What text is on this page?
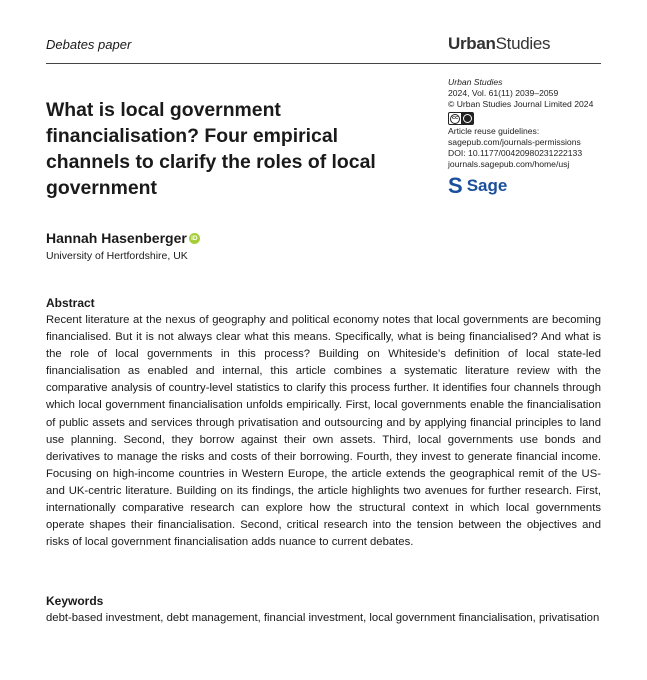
Debates paper	UrbanStudies
Urban Studies
2024, Vol. 61(11) 2039–2059
© Urban Studies Journal Limited 2024
cc
Article reuse guidelines:
sagepub.com/journals-permissions
DOI: 10.1177/00420980231222133
journals.sagepub.com/home/usj
S Sage
What is local government financialisation? Four empirical channels to clarify the roles of local government
Hannah Hasenberger iD
University of Hertfordshire, UK
Abstract

Recent literature at the nexus of geography and political economy notes that local governments are becoming financialised. But it is not always clear what this means. Specifically, what is being financialised? And what is the role of local governments in this process? Building on Whiteside’s definition of local state-led financialisation as enabled and internal, this article combines a systematic literature review with the comparative analysis of country-level statistics to clarify this process further. It identifies four channels through which local government financialisation unfolds empirically. First, local governments enable the financialisation of public assets and services through privatisation and outsourcing and by applying financial principles to land use planning. Second, they borrow against their own assets. Third, local governments use bonds and derivatives to manage the risks and costs of their borrowing. Fourth, they invest to generate financial income. Focusing on high-income countries in Western Europe, the article extends the geographical remit of the US- and UK-centric literature. Building on its findings, the article highlights two avenues for further research. First, internationally comparative research can explore how the structural context in which local governments operate shapes their financialisation. Second, critical research into the tension between the objectives and risks of local government financialisation adds nuance to current debates.

Keywords

debt-based investment, debt management, financial investment, local government financialisation, privatisation
